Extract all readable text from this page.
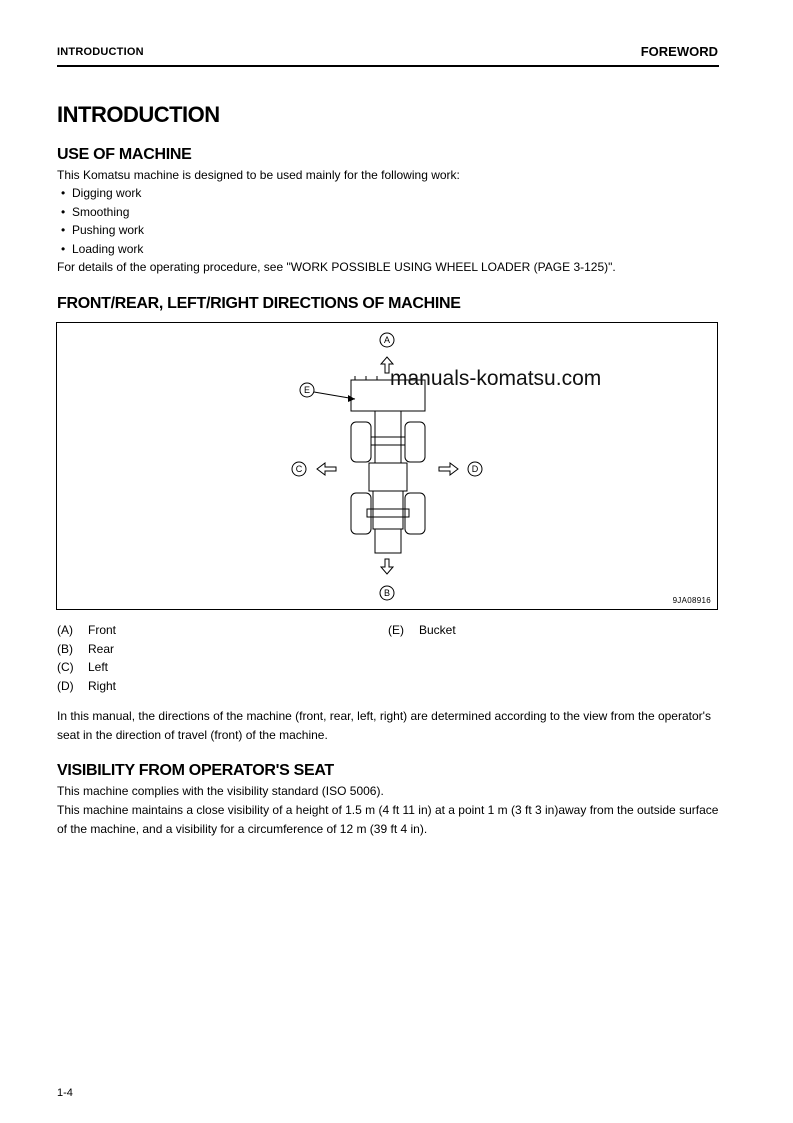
INTRODUCTION	FOREWORD
INTRODUCTION
USE OF MACHINE

This Komatsu machine is designed to be used mainly for the following work:

• Digging work
• Smoothing
• Pushing work
• Loading work

For details of the operating procedure, see "WORK POSSIBLE USING WHEEL LOADER (PAGE 3-125)".

FRONT/REAR, LEFT/RIGHT DIRECTIONS OF MACHINE
A
B
C	D
E	manuals-komatsu.com
9JA08916
(A) Front
(B) Rear
(C) Left
(D) Right
(E) Bucket

In this manual, the directions of the machine (front, rear, left, right) are determined according to the view from the operator's seat in the direction of travel (front) of the machine.

VISIBILITY FROM OPERATOR'S SEAT

This machine complies with the visibility standard (ISO 5006).

This machine maintains a close visibility of a height of 1.5 m (4 ft 11 in) at a point 1 m (3 ft 3 in)away from the outside surface of the machine, and a visibility for a circumference of 12 m (39 ft 4 in).

1-4
